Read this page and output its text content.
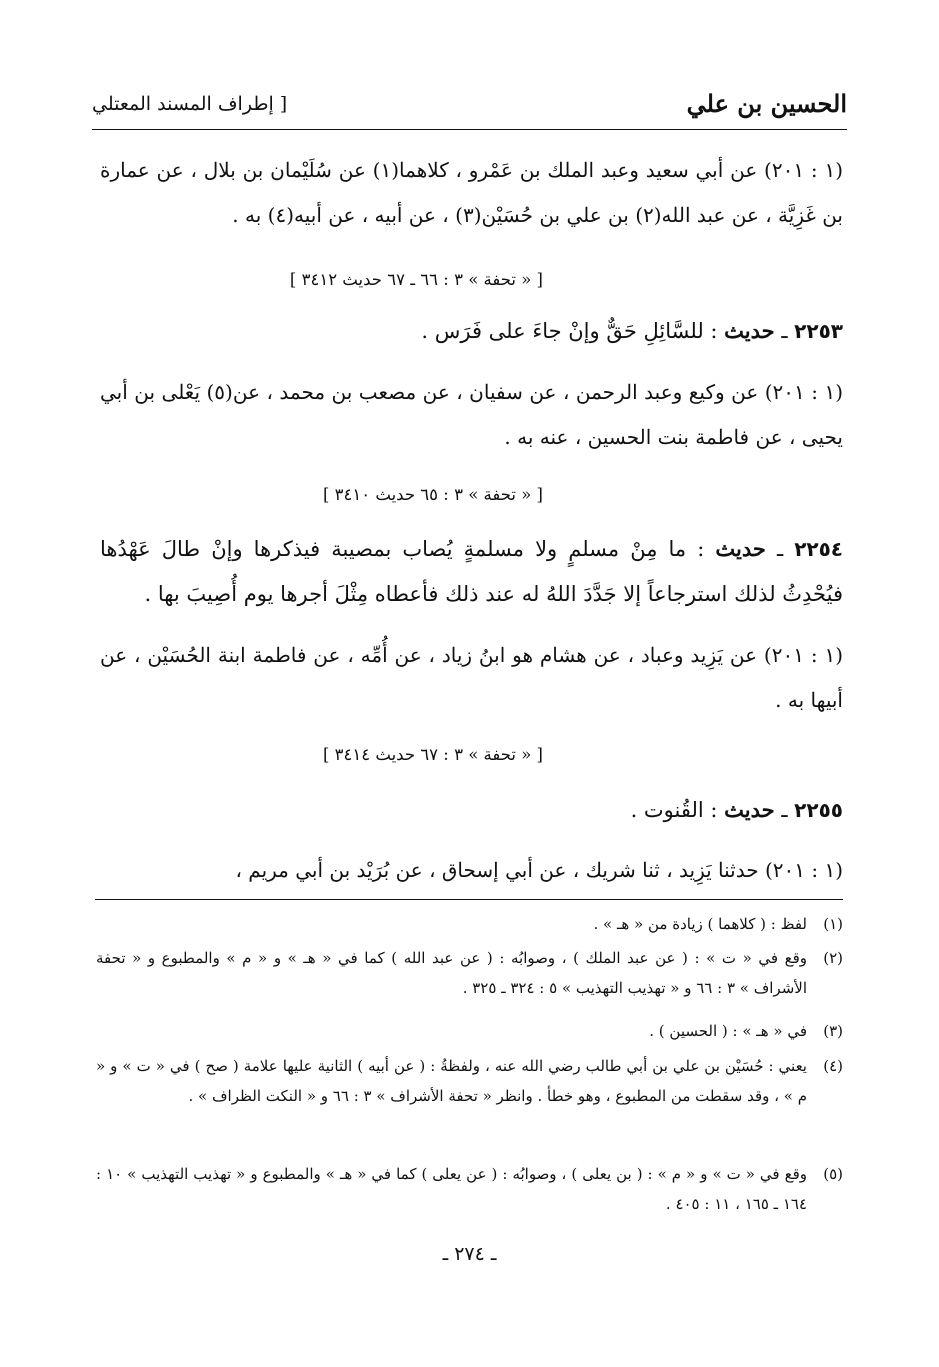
الحسين بن علي
[ إطراف المسند المعتلي
(١ : ٢٠١) عن أبي سعيد وعبد الملك بن عَمْرو ، كلاهما(١) عن سُلَيْمان بن بلال ، عن عمارة بن غَزِيَّة ، عن عبد الله(٢) بن علي بن حُسَيْن(٣) ، عن أبيه ، عن أبيه(٤) به .
[ « تحفة » ٣ : ٦٦ ـ ٦٧ حديث ٣٤١٢ ]
٢٢٥٣ ـ حديث : للسَّائِلِ حَقٌّ وإنْ جاءَ على فَرَس .
(١ : ٢٠١) عن وكيع وعبد الرحمن ، عن سفيان ، عن مصعب بن محمد ، عن(٥) يَعْلى بن أبي يحيى ، عن فاطمة بنت الحسين ، عنه به .
[ « تحفة » ٣ : ٦٥ حديث ٣٤١٠ ]
٢٢٥٤ ـ حديث : ما مِنْ مسلمٍ ولا مسلمةٍ يُصاب بمصيبة فيذكرها وإنْ طالَ عَهْدُها فيُحْدِثُ لذلك استرجاعاً إلا جَدَّدَ اللهُ له عند ذلك فأعطاه مِثْلَ أجرها يوم أُصِيبَ بها .
(١ : ٢٠١) عن يَزِيد وعباد ، عن هشام هو ابنُ زياد ، عن أُمِّه ، عن فاطمة ابنة الحُسَيْن ، عن أبيها به .
[ « تحفة » ٣ : ٦٧ حديث ٣٤١٤ ]
٢٢٥٥ ـ حديث : القُنوت .
(١ : ٢٠١) حدثنا يَزِيد ، ثنا شريك ، عن أبي إسحاق ، عن بُرَيْد بن أبي مريم ،
(١)
لفظ : ( كلاهما ) زيادة من « هـ » .
(٢)
وقع في « ت » : ( عن عبد الملك ) ، وصوابُه : ( عن عبد الله ) كما في « هـ » و « م » والمطبوع و « تحفة الأشراف » ٣ : ٦٦ و « تهذيب التهذيب » ٥ : ٣٢٤ ـ ٣٢٥ .
(٣)
في « هـ » : ( الحسين ) .
(٤)
يعني : حُسَيْن بن علي بن أبي طالب رضي الله عنه ، ولفظةُ : ( عن أبيه ) الثانية عليها علامة ( صح ) في « ت » و « م » ، وقد سقطت من المطبوع ، وهو خطأ . وانظر « تحفة الأشراف » ٣ : ٦٦ و « النكت الظراف » .
(٥)
وقع في « ت » و « م » : ( بن يعلى ) ، وصوابُه : ( عن يعلى ) كما في « هـ » والمطبوع و « تهذيب التهذيب » ١٠ : ١٦٤ ـ ١٦٥ ، ١١ : ٤٠٥ .
ـ ٢٧٤ ـ
